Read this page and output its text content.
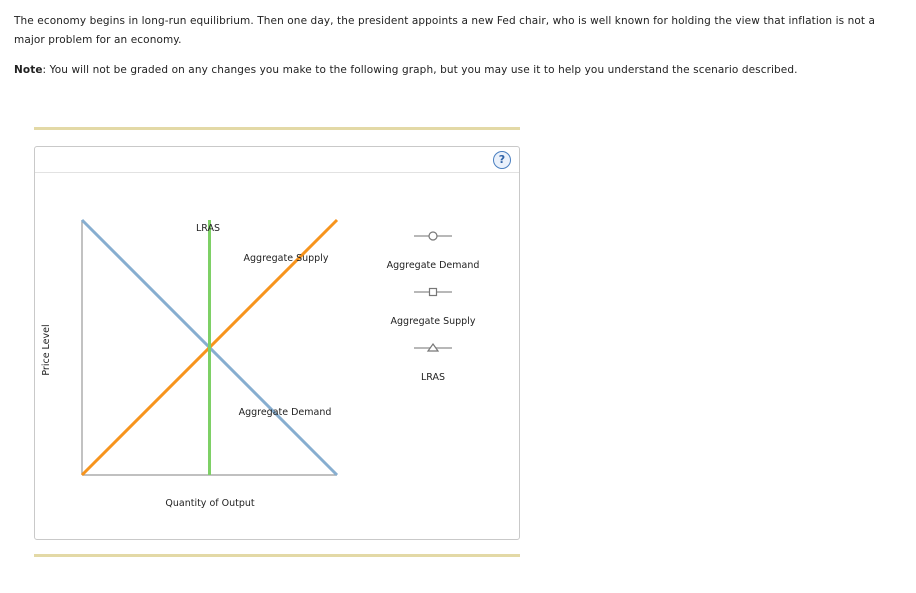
The economy begins in long-run equilibrium. Then one day, the president appoints a new Fed chair, who is well known for holding the view that inflation is not a major problem for an economy.
Note: You will not be graded on any changes you make to the following graph, but you may use it to help you understand the scenario described.
?
LRAS
Aggregate Supply
Aggregate Demand
Aggregate Demand
Aggregate Supply
LRAS
Quantity of Output
Price Level
